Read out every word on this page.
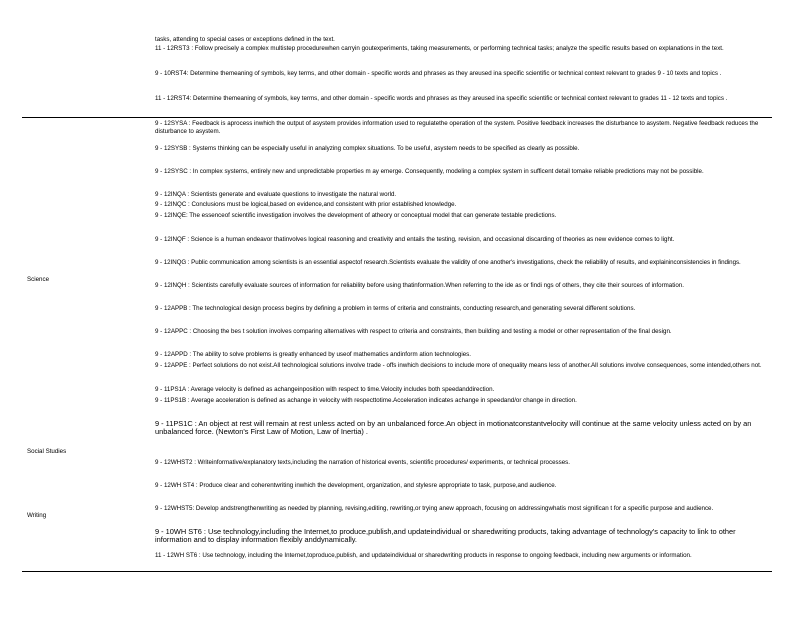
tasks, attending to special cases or exceptions defined in the text.
11 - 12RST3 : Follow precisely a complex multistep procedurewhen carryin goutexperiments, taking measurements, or performing technical tasks; analyze the specific results based on explanations in the text.
9 - 10RST4: Determine themeaning of symbols, key terms, and other domain - specific words and phrases as they areused ina specific scientific or technical context relevant to grades 9 - 10 texts and topics .
11 - 12RST4: Determine themeaning of symbols, key terms, and other domain - specific words and phrases as they areused ina specific scientific or technical context relevant to grades 11 - 12 texts and topics .
Science
9 - 12SYSA : Feedback is aprocess inwhich the output of asystem provides information used to regulatethe operation of the system. Positive feedback increases the disturbance to asystem. Negative feedback reduces the disturbance to asystem.
9 - 12SYSB : Systems thinking can be especially useful in analyzing complex situations. To be useful, asystem needs to be specified as clearly as possible.
9 - 12SYSC : In complex systems, entirely new and unpredictable properties m ay emerge. Consequently, modeling a complex system in sufficent detail tomake reliable predictions may not be possible.
9 - 12INQA : Scientists generate and evaluate questions to investigate the natural world.
9 - 12INQC : Conclusions must be logical,based on evidence,and consistent with prior established knowledge.
9 - 12INQE: The essenceof scientific investigation involves the development of atheory or conceptual model that can generate testable predictions.
9 - 12INQF : Science is a human endeavor thatinvolves logical reasoning and creativity and entails the testing, revision, and occasional discarding of theories as new evidence comes to light.
9 - 12INQG : Public communication among scientists is an essential aspectof research.Scientists evaluate the validity of one another's investigations, check the reliability of results, and explaininconsistencies in findings.
9 - 12INQH : Scientists carefully evaluate sources of information for reliability before using thatinformation.When referring to the ide as or findi ngs of others, they cite their sources of information.
9 - 12APPB : The technological design process begins by defining a problem in terms of criteria and constraints, conducting research,and generating several different solutions.
9 - 12APPC : Choosing the bes t solution involves comparing alternatives with respect to criteria and constraints, then building and testing a model or other representation of the final design.
9 - 12APPD : The ability to solve problems is greatly enhanced by useof mathematics andinform ation technologies.
9 - 12APPE : Perfect solutions do not exist.All technological solutions involve trade - offs inwhich decisions to include more of onequality means less of another.All solutions involve consequences, some intended,others not.
9 - 11PS1A : Average velocity is defined as achangeinposition with respect to time.Velocity includes both speedanddirection.
9 - 11PS1B : Average acceleration is defined as achange in velocity with respecttotime.Acceleration indicates achange in speedand/or change in direction.
9 - 11PS1C : An object at rest will remain at rest unless acted on by an unbalanced force.An object in motionatconstantvelocity will continue at the same velocity unless acted on by an unbalanced force. (Newton's First Law of Motion, Law of Inertia) .
Social Studies
Writing
9 - 12WHST2 : Writeinformative/explanatory texts,including the narration of historical events, scientific procedures/ experiments, or technical processes.
9 - 12WH ST4 : Produce clear and coherentwriting inwhich the development, organization, and stylesre appropriate to task, purpose,and audience.
9 - 12WHST5: Develop andstrengthenwriting as needed by planning, revising,editing, rewriting,or trying anew approach, focusing on addressingwhatis most significan t for a specific purpose and audience.
9 - 10WH ST6 : Use technology,including the Internet,to produce,publish,and updateindividual or sharedwriting products, taking advantage of technology's capacity to link to other information and to display information flexibly anddynamically.
11 - 12WH ST6 : Use technology, including the Internet,toproduce,publish, and updateindividual or sharedwriting products in response to ongoing feedback, including new arguments or information.
